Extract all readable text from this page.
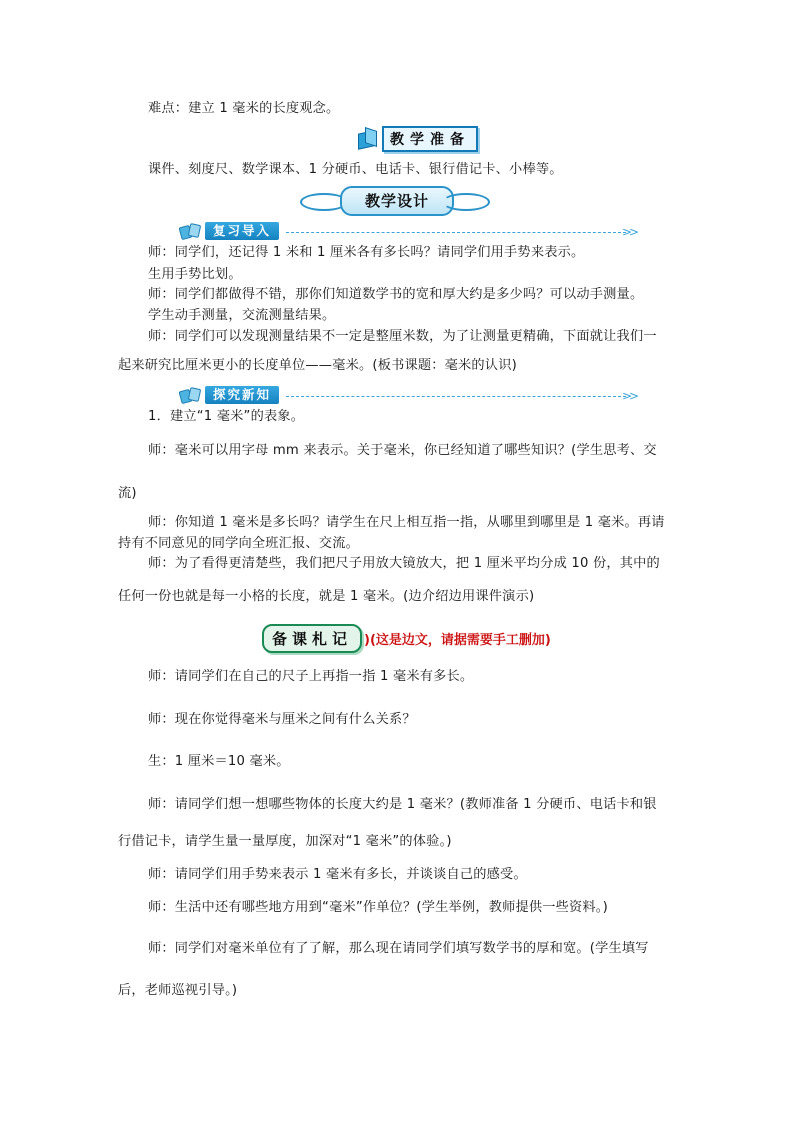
难点：建立 1 毫米的长度观念。
教学准备
课件、刻度尺、数学课本、1 分硬币、电话卡、银行借记卡、小棒等。
教学设计
复习导入	>>
师：同学们，还记得 1 米和 1 厘米各有多长吗？请同学们用手势来表示。
生用手势比划。
师：同学们都做得不错，那你们知道数学书的宽和厚大约是多少吗？可以动手测量。
学生动手测量，交流测量结果。
师：同学们可以发现测量结果不一定是整厘米数，为了让测量更精确，下面就让我们一
起来研究比厘米更小的长度单位——毫米。(板书课题：毫米的认识)
探究新知	>>
1．建立“1 毫米”的表象。
师：毫米可以用字母 mm 来表示。关于毫米，你已经知道了哪些知识？(学生思考、交
流)
师：你知道 1 毫米是多长吗？请学生在尺上相互指一指，从哪里到哪里是 1 毫米。再请
持有不同意见的同学向全班汇报、交流。
师：为了看得更清楚些，我们把尺子用放大镜放大，把 1 厘米平均分成 10 份，其中的
任何一份也就是每一小格的长度，就是 1 毫米。(边介绍边用课件演示)
备课札记 )(这是边文，请据需要手工删加)
师：请同学们在自己的尺子上再指一指 1 毫米有多长。
师：现在你觉得毫米与厘米之间有什么关系？
生：1 厘米＝10 毫米。
师：请同学们想一想哪些物体的长度大约是 1 毫米？(教师准备 1 分硬币、电话卡和银
行借记卡，请学生量一量厚度，加深对“1 毫米”的体验。)
师：请同学们用手势来表示 1 毫米有多长，并谈谈自己的感受。
师：生活中还有哪些地方用到“毫米”作单位？(学生举例，教师提供一些资料。)
师：同学们对毫米单位有了了解，那么现在请同学们填写数学书的厚和宽。(学生填写
后，老师巡视引导。)
